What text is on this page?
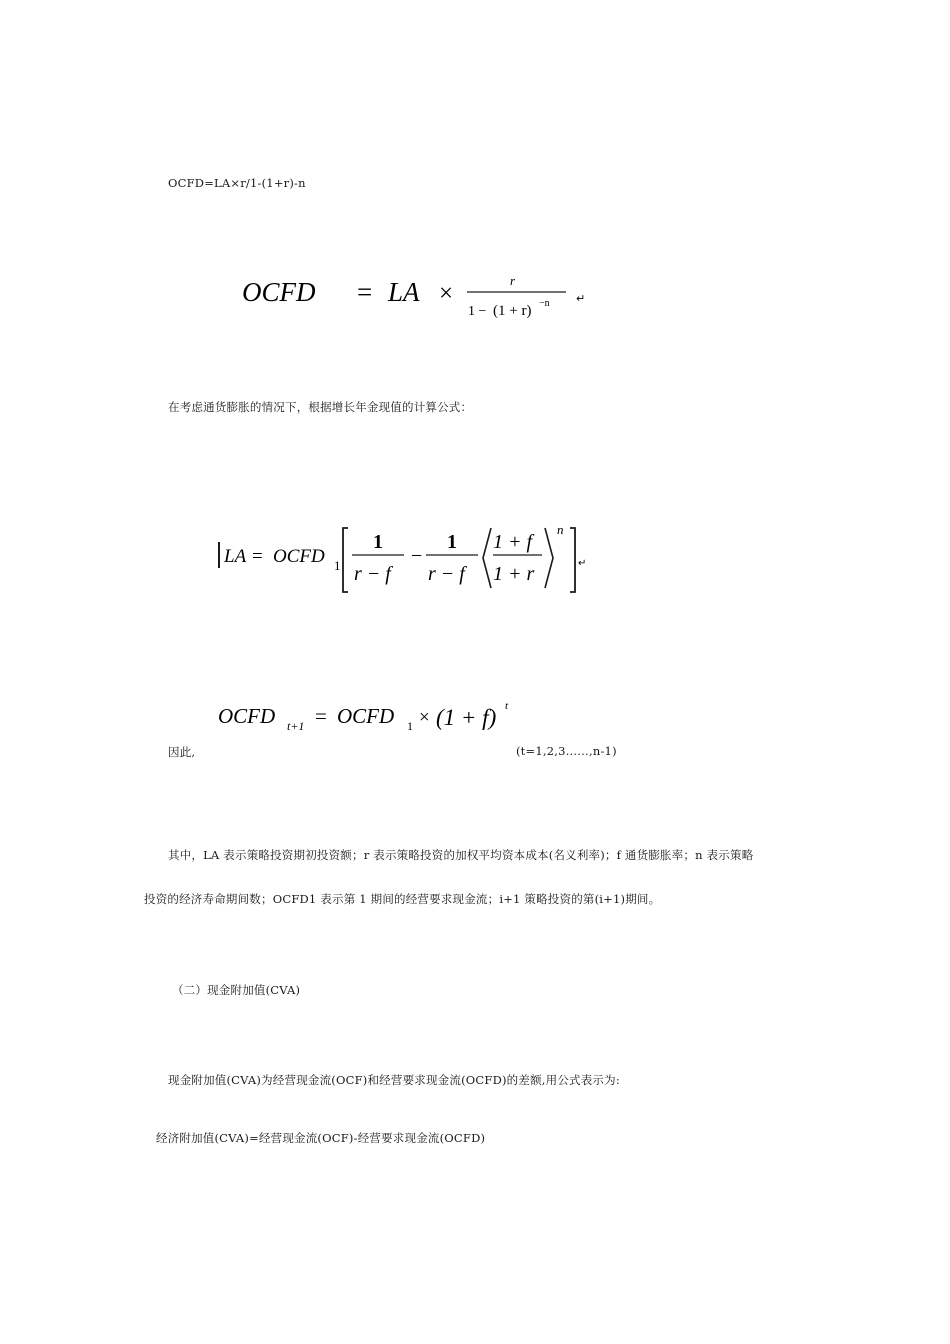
OCFD=LA×r/1-(1+r)-n
OCFD = LA ×	r
1 − (1 + r) −n ↵
在考虑通货膨胀的情况下，根据增长年金现值的计算公式：
LA = OCFD 1
1
r − f
−
1
r − f
1 + f
1 + r
n
↵
OCFD t+1 = OCFD 1 × (1 + f) t
因此,	(t=1,2,3……,n-1)
其中，LA 表示策略投资期初投资额；r 表示策略投资的加权平均资本成本(名义利率)；f 通货膨胀率；n 表示策略
投资的经济寿命期间数；OCFD1 表示第 1 期间的经营要求现金流；i+1 策略投资的第(i+1)期间。
（二）现金附加值(CVA)
现金附加值(CVA)为经营现金流(OCF)和经营要求现金流(OCFD)的差额,用公式表示为:
经济附加值(CVA)=经营现金流(OCF)-经营要求现金流(OCFD)
